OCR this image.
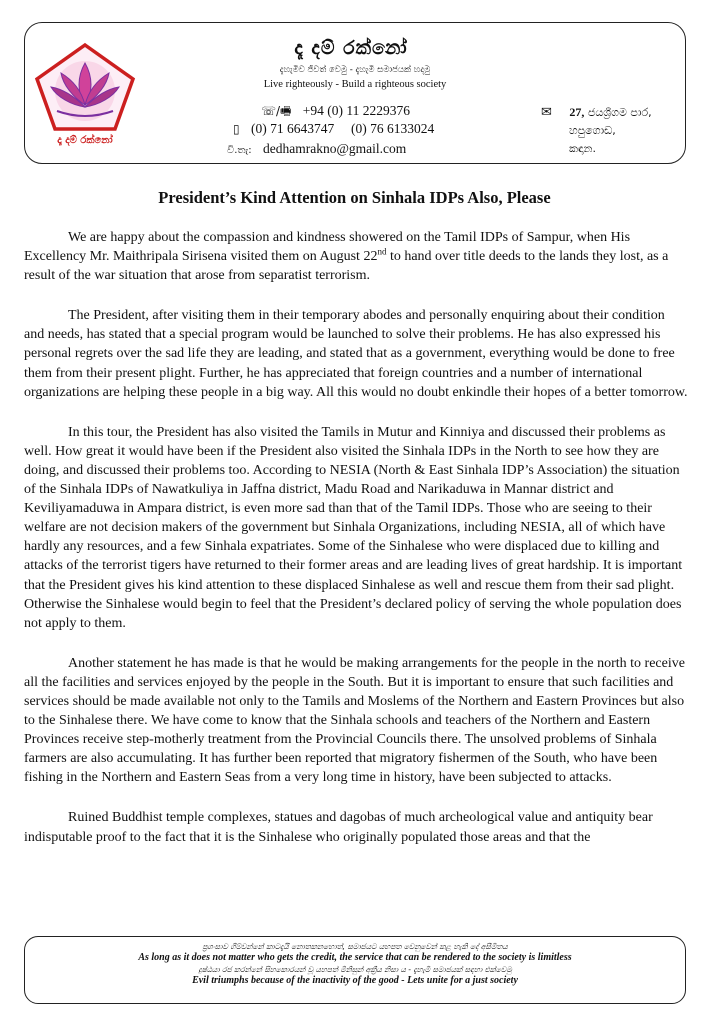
දෑ දම් රක්නෝ
දෑ දම් රක්නෝ
දැහැමිව ජිවත් වෙමු - දැහැමි සමාජයක් හදමු
Live righteously - Build a righteous society
☏/🖷 +94 (0) 11 2229376
▯ (0) 71 6643747 (0) 76 6133024
වි.තැ: dedhamrakno@gmail.com
✉ 27, ජයශ්‍රීගම පාර,
හපුගොඩ,
කඳාන.
President’s Kind Attention on Sinhala IDPs Also, Please

We are happy about the compassion and kindness showered on the Tamil IDPs of Sampur, when His Excellency Mr. Maithripala Sirisena visited them on August 22nd to hand over title deeds to the lands they lost, as a result of the war situation that arose from separatist terrorism.

The President, after visiting them in their temporary abodes and personally enquiring about their condition and needs, has stated that a special program would be launched to solve their problems. He has also expressed his personal regrets over the sad life they are leading, and stated that as a government, everything would be done to free them from their present plight. Further, he has appreciated that foreign countries and a number of international organizations are helping these people in a big way. All this would no doubt enkindle their hopes of a better tomorrow.

In this tour, the President has also visited the Tamils in Mutur and Kinniya and discussed their problems as well. How great it would have been if the President also visited the Sinhala IDPs in the North to see how they are doing, and discussed their problems too. According to NESIA (North & East Sinhala IDP’s Association) the situation of the Sinhala IDPs of Nawatkuliya in Jaffna district, Madu Road and Narikaduwa in Mannar district and Keviliyamaduwa in Ampara district, is even more sad than that of the Tamil IDPs. Those who are seeing to their welfare are not decision makers of the government but Sinhala Organizations, including NESIA, all of which have hardly any resources, and a few Sinhala expatriates. Some of the Sinhalese who were displaced due to killing and attacks of the terrorist tigers have returned to their former areas and are leading lives of great hardship. It is important that the President gives his kind attention to these displaced Sinhalese as well and rescue them from their sad plight. Otherwise the Sinhalese would begin to feel that the President’s declared policy of serving the whole population does not apply to them.

Another statement he has made is that he would be making arrangements for the people in the north to receive all the facilities and services enjoyed by the people in the South. But it is important to ensure that such facilities and services should be made available not only to the Tamils and Moslems of the Northern and Eastern Provinces but also to the Sinhalese there. We have come to know that the Sinhala schools and teachers of the Northern and Eastern Provinces receive step-motherly treatment from the Provincial Councils there. The unsolved problems of Sinhala farmers are also accumulating. It has further been reported that migratory fishermen of the South, who have been fishing in the Northern and Eastern Seas from a very long time in history, have been subjected to attacks.

Ruined Buddhist temple complexes, statues and dagobas of much archeological value and antiquity bear indisputable proof to the fact that it is the Sinhalese who originally populated those areas and that the

ප්‍රශංසාව ගිම්වන්නේ කාටදැයි නොතකනහොත්, සමාජයට යහපත වෙනුවෙන් කළ හැකි දේ අසීමිතය
As long as it does not matter who gets the credit, the service that can be rendered to the society is limitless
දුෂ්ඨයා රජ කරන්නේ සිහකොරයන් වූ යහපත් මිනිසුන් අක්‍රීය නිසා ය - දැහැමි සමාජයක් සඳහා එක්වෙමු
Evil triumphs because of the inactivity of the good - Lets unite for a just society
